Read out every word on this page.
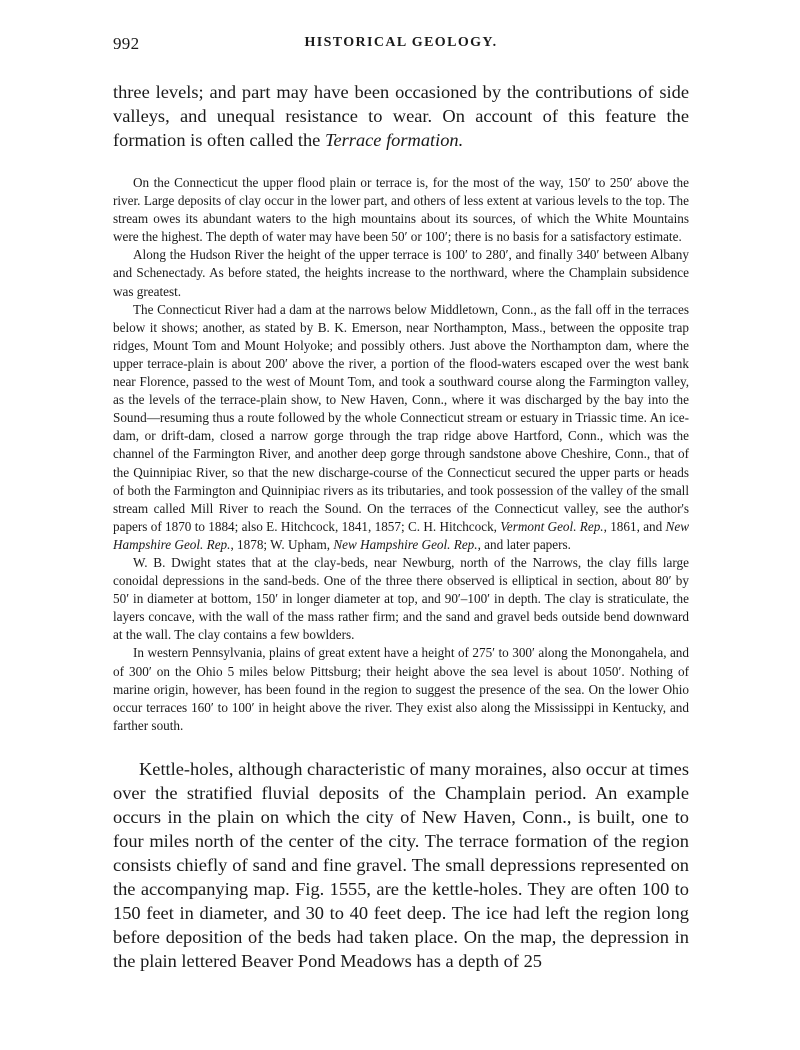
992	HISTORICAL GEOLOGY.

three levels; and part may have been occasioned by the contributions of side valleys, and unequal resistance to wear. On account of this feature the formation is often called the Terrace formation.

On the Connecticut the upper flood plain or terrace is, for the most of the way, 150′ to 250′ above the river. Large deposits of clay occur in the lower part, and others of less extent at various levels to the top. The stream owes its abundant waters to the high mountains about its sources, of which the White Mountains were the highest. The depth of water may have been 50′ or 100′; there is no basis for a satisfactory estimate.

Along the Hudson River the height of the upper terrace is 100′ to 280′, and finally 340′ between Albany and Schenectady. As before stated, the heights increase to the northward, where the Champlain subsidence was greatest.

The Connecticut River had a dam at the narrows below Middletown, Conn., as the fall off in the terraces below it shows; another, as stated by B. K. Emerson, near Northampton, Mass., between the opposite trap ridges, Mount Tom and Mount Holyoke; and possibly others. Just above the Northampton dam, where the upper terrace-plain is about 200′ above the river, a portion of the flood-waters escaped over the west bank near Florence, passed to the west of Mount Tom, and took a southward course along the Farmington valley, as the levels of the terrace-plain show, to New Haven, Conn., where it was discharged by the bay into the Sound—resuming thus a route followed by the whole Connecticut stream or estuary in Triassic time. An ice-dam, or drift-dam, closed a narrow gorge through the trap ridge above Hartford, Conn., which was the channel of the Farmington River, and another deep gorge through sandstone above Cheshire, Conn., that of the Quinnipiac River, so that the new discharge-course of the Connecticut secured the upper parts or heads of both the Farmington and Quinnipiac rivers as its tributaries, and took possession of the valley of the small stream called Mill River to reach the Sound. On the terraces of the Connecticut valley, see the author's papers of 1870 to 1884; also E. Hitchcock, 1841, 1857; C. H. Hitchcock, Vermont Geol. Rep., 1861, and New Hampshire Geol. Rep., 1878; W. Upham, New Hampshire Geol. Rep., and later papers.

W. B. Dwight states that at the clay-beds, near Newburg, north of the Narrows, the clay fills large conoidal depressions in the sand-beds. One of the three there observed is elliptical in section, about 80′ by 50′ in diameter at bottom, 150′ in longer diameter at top, and 90′–100′ in depth. The clay is straticulate, the layers concave, with the wall of the mass rather firm; and the sand and gravel beds outside bend downward at the wall. The clay contains a few bowlders.

In western Pennsylvania, plains of great extent have a height of 275′ to 300′ along the Monongahela, and of 300′ on the Ohio 5 miles below Pittsburg; their height above the sea level is about 1050′. Nothing of marine origin, however, has been found in the region to suggest the presence of the sea. On the lower Ohio occur terraces 160′ to 100′ in height above the river. They exist also along the Mississippi in Kentucky, and farther south.

Kettle-holes, although characteristic of many moraines, also occur at times over the stratified fluvial deposits of the Champlain period. An example occurs in the plain on which the city of New Haven, Conn., is built, one to four miles north of the center of the city. The terrace formation of the region consists chiefly of sand and fine gravel. The small depressions represented on the accompanying map. Fig. 1555, are the kettle-holes. They are often 100 to 150 feet in diameter, and 30 to 40 feet deep. The ice had left the region long before deposition of the beds had taken place. On the map, the depression in the plain lettered Beaver Pond Meadows has a depth of 25
